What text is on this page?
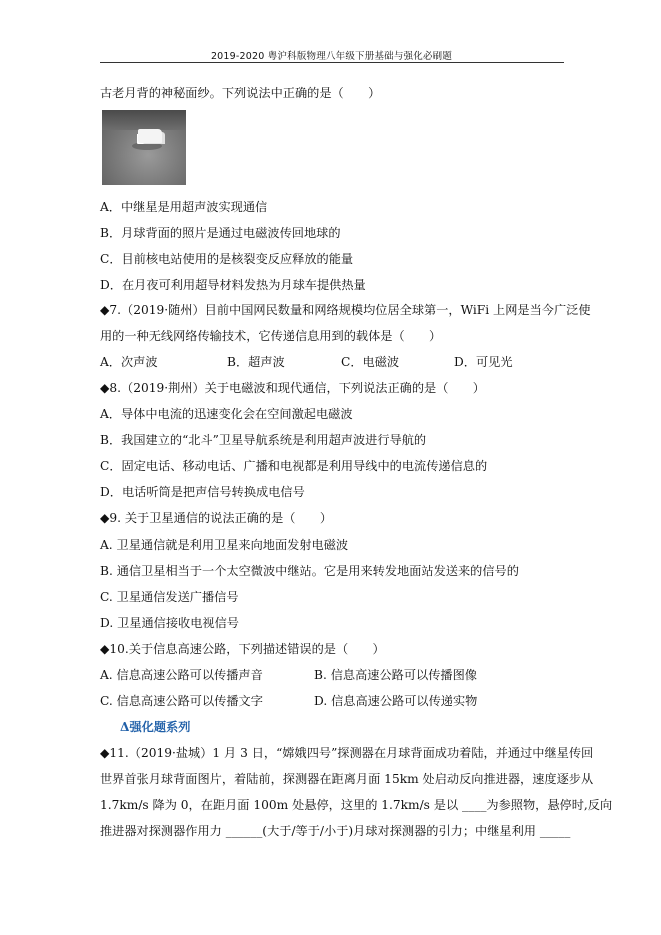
2019-2020 粤沪科版物理八年级下册基础与强化必刷题
古老月背的神秘面纱。下列说法中正确的是（　　）
A．中继星是用超声波实现通信
B．月球背面的照片是通过电磁波传回地球的
C．目前核电站使用的是核裂变反应释放的能量
D．在月夜可利用超导材料发热为月球车提供热量
◆7.（2019·随州）目前中国网民数量和网络规模均位居全球第一，WiFi 上网是当今广泛使
用的一种无线网络传输技术，它传递信息用到的载体是（　　）
A．次声波	B．超声波	C．电磁波	D．可见光
◆8.（2019·荆州）关于电磁波和现代通信，下列说法正确的是（　　）
A．导体中电流的迅速变化会在空间激起电磁波
B．我国建立的“北斗”卫星导航系统是利用超声波进行导航的
C．固定电话、移动电话、广播和电视都是利用导线中的电流传递信息的
D．电话听筒是把声信号转换成电信号
◆9. 关于卫星通信的说法正确的是（　　）
A. 卫星通信就是利用卫星来向地面发射电磁波
B. 通信卫星相当于一个太空微波中继站。它是用来转发地面站发送来的信号的
C. 卫星通信发送广播信号
D. 卫星通信接收电视信号
◆10.关于信息高速公路，下列描述错误的是（　　）
A. 信息高速公路可以传播声音	B. 信息高速公路可以传播图像
C. 信息高速公路可以传播文字	D. 信息高速公路可以传递实物
Δ强化题系列
◆11.（2019·盐城）1 月 3 日，“嫦娥四号”探测器在月球背面成功着陆，并通过中继星传回
世界首张月球背面图片，着陆前，探测器在距离月面 15km 处启动反向推进器，速度逐步从
1.7km/s 降为 0，在距月面 100m 处悬停，这里的 1.7km/s 是以 ____为参照物，悬停时,反向
推进器对探测器作用力 ______(大于/等于/小于)月球对探测器的引力；中继星利用 _____
